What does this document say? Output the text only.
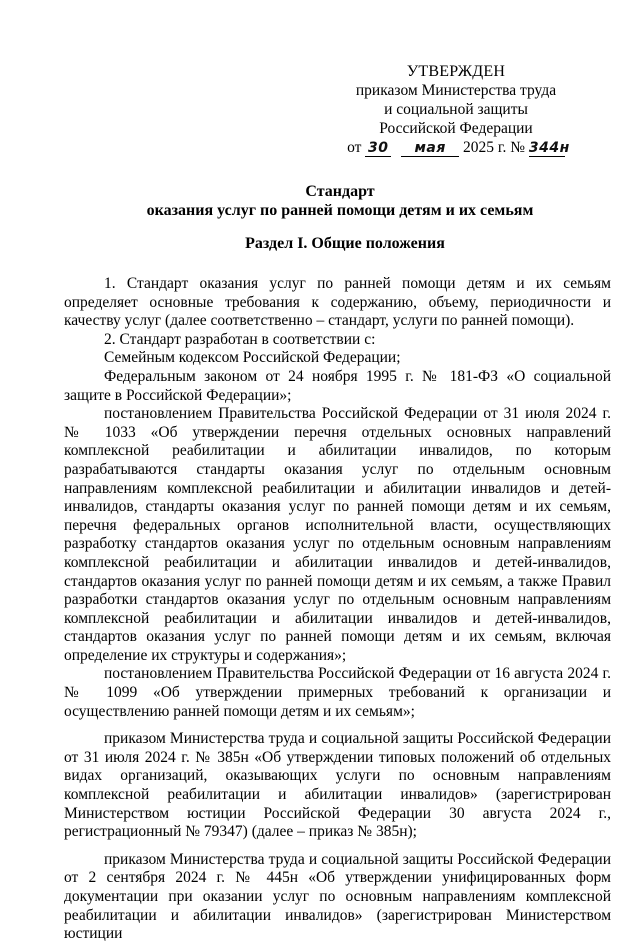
УТВЕРЖДЕН
приказом Министерства труда
и социальной защиты
Российской Федерации
от 30 мая 2025 г. № 344н
Стандарт
оказания услуг по ранней помощи детям и их семьям
Раздел I. Общие положения

1. Стандарт оказания услуг по ранней помощи детям и их семьям определяет основные требования к содержанию, объему, периодичности и качеству услуг (далее соответственно – стандарт, услуги по ранней помощи).

2. Стандарт разработан в соответствии с:

Семейным кодексом Российской Федерации;

Федеральным законом от 24 ноября 1995 г. № 181-ФЗ «О социальной защите в Российской Федерации»;

постановлением Правительства Российской Федерации от 31 июля 2024 г. № 1033 «Об утверждении перечня отдельных основных направлений комплексной реабилитации и абилитации инвалидов, по которым разрабатываются стандарты оказания услуг по отдельным основным направлениям комплексной реабилитации и абилитации инвалидов и детей-инвалидов, стандарты оказания услуг по ранней помощи детям и их семьям, перечня федеральных органов исполнительной власти, осуществляющих разработку стандартов оказания услуг по отдельным основным направлениям комплексной реабилитации и абилитации инвалидов и детей-инвалидов, стандартов оказания услуг по ранней помощи детям и их семьям, а также Правил разработки стандартов оказания услуг по отдельным основным направлениям комплексной реабилитации и абилитации инвалидов и детей-инвалидов, стандартов оказания услуг по ранней помощи детям и их семьям, включая определение их структуры и содержания»;

постановлением Правительства Российской Федерации от 16 августа 2024 г. № 1099 «Об утверждении примерных требований к организации и осуществлению ранней помощи детям и их семьям»;

приказом Министерства труда и социальной защиты Российской Федерации от 31 июля 2024 г. № 385н «Об утверждении типовых положений об отдельных видах организаций, оказывающих услуги по основным направлениям комплексной реабилитации и абилитации инвалидов» (зарегистрирован Министерством юстиции Российской Федерации 30 августа 2024 г., регистрационный № 79347) (далее – приказ № 385н);

приказом Министерства труда и социальной защиты Российской Федерации от 2 сентября 2024 г. № 445н «Об утверждении унифицированных форм документации при оказании услуг по основным направлениям комплексной реабилитации и абилитации инвалидов» (зарегистрирован Министерством юстиции
